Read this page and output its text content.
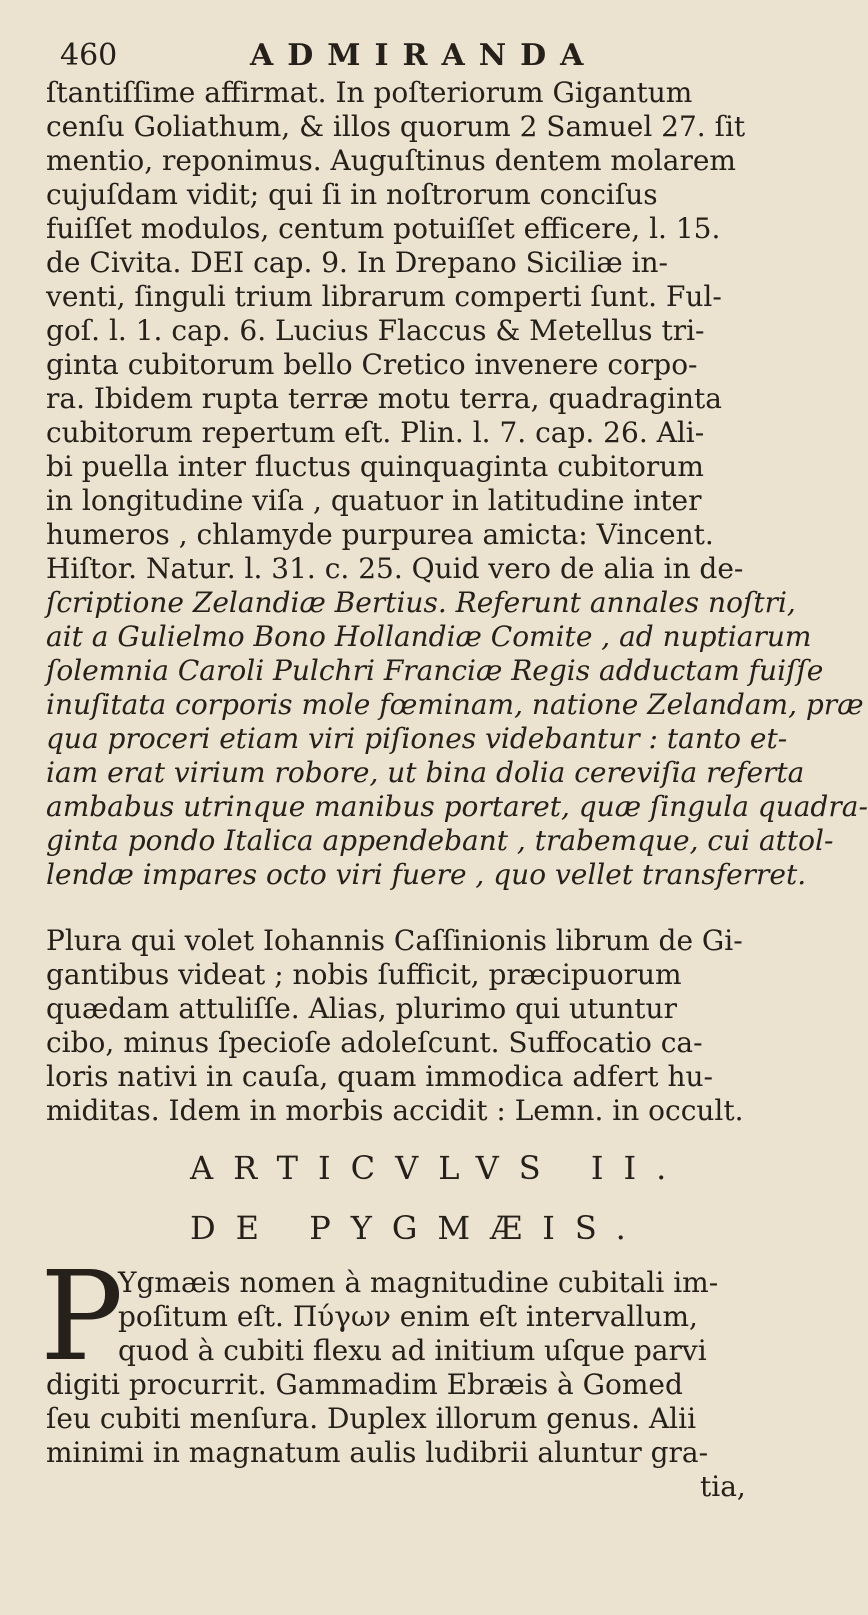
460	ADMIRANDA
ſtantiſſime affirmat. In poſteriorum Gigantum
cenſu Goliathum, & illos quorum 2 Samuel 27. ſit
mentio, reponimus. Auguſtinus dentem molarem
cujuſdam vidit; qui ſi in noſtrorum conciſus
fuiſſet modulos, centum potuiſſet efficere, l. 15.
de Civita. DEI cap. 9. In Drepano Siciliæ in-
venti, ſinguli trium librarum comperti ſunt. Ful-
goſ. l. 1. cap. 6. Lucius Flaccus & Metellus tri-
ginta cubitorum bello Cretico invenere corpo-
ra. Ibidem rupta terræ motu terra, quadraginta
cubitorum repertum eſt. Plin. l. 7. cap. 26. Ali-
bi puella inter fluctus quinquaginta cubitorum
in longitudine viſa , quatuor in latitudine inter
humeros , chlamyde purpurea amicta: Vincent.
Hiſtor. Natur. l. 31. c. 25. Quid vero de alia in de-
ſcriptione Zelandiæ Bertius. Referunt annales noſtri,
ait a Gulielmo Bono Hollandiæ Comite , ad nuptiarum
ſolemnia Caroli Pulchri Franciæ Regis adductam fuiſſe
inuſitata corporis mole fœminam, natione Zelandam, præ
qua proceri etiam viri piſiones videbantur : tanto et-
iam erat virium robore, ut bina dolia cereviſia referta
ambabus utrinque manibus portaret, quæ ſingula quadra-
ginta pondo Italica appendebant , trabemque, cui attol-
lendæ impares octo viri fuere , quo vellet transferret.
Plura qui volet Iohannis Caſſinionis librum de Gi-
gantibus videat ; nobis ſufficit, præcipuorum
quædam attuliſſe. Alias, plurimo qui utuntur
cibo, minus ſpecioſe adoleſcunt. Suffocatio ca-
loris nativi in cauſa, quam immodica adfert hu-
miditas. Idem in morbis accidit : Lemn. in occult.
ARTICVLVS II.
DE PYGMÆIS.
P
Ygmæis nomen à magnitudine cubitali im-
poſitum eſt. Πύγων enim eſt intervallum,
quod à cubiti flexu ad initium uſque parvi
digiti procurrit. Gammadim Ebræis à Gomed
ſeu cubiti menſura. Duplex illorum genus. Alii
minimi in magnatum aulis ludibrii aluntur gra-
tia,
